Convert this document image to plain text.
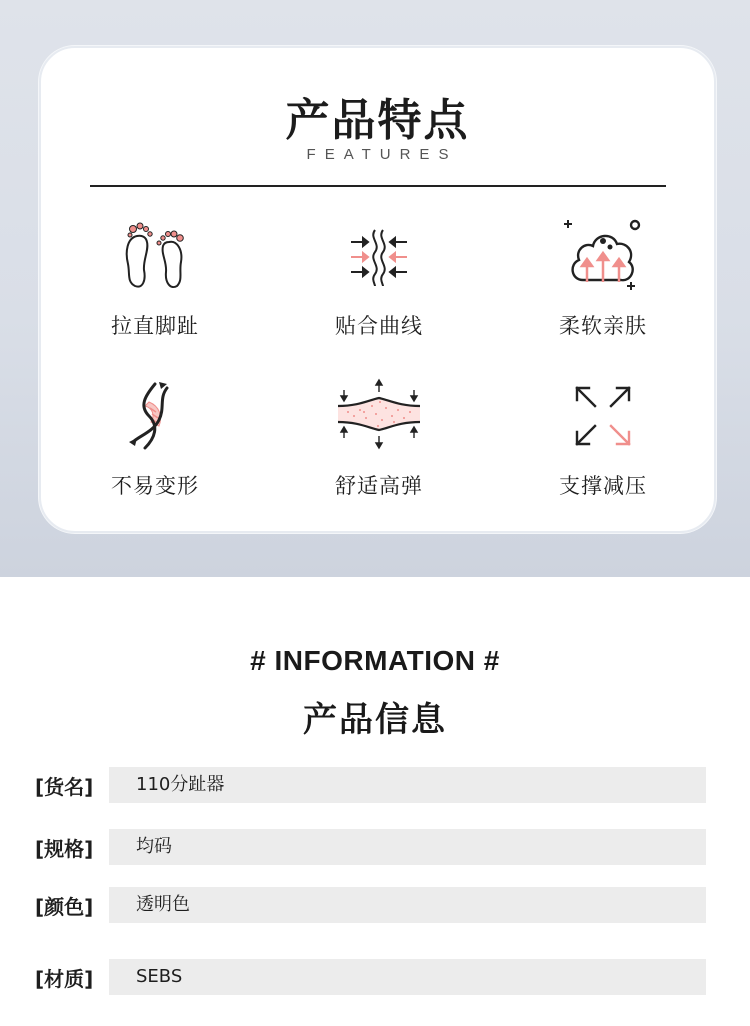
产品特点
FEATURES
拉直脚趾	贴合曲线	柔软亲肤
不易变形	舒适高弹	支撑减压
# INFORMATION #
产品信息
[货名]	110分趾器
[规格]	均码
[颜色]	透明色
[材质]	SEBS
